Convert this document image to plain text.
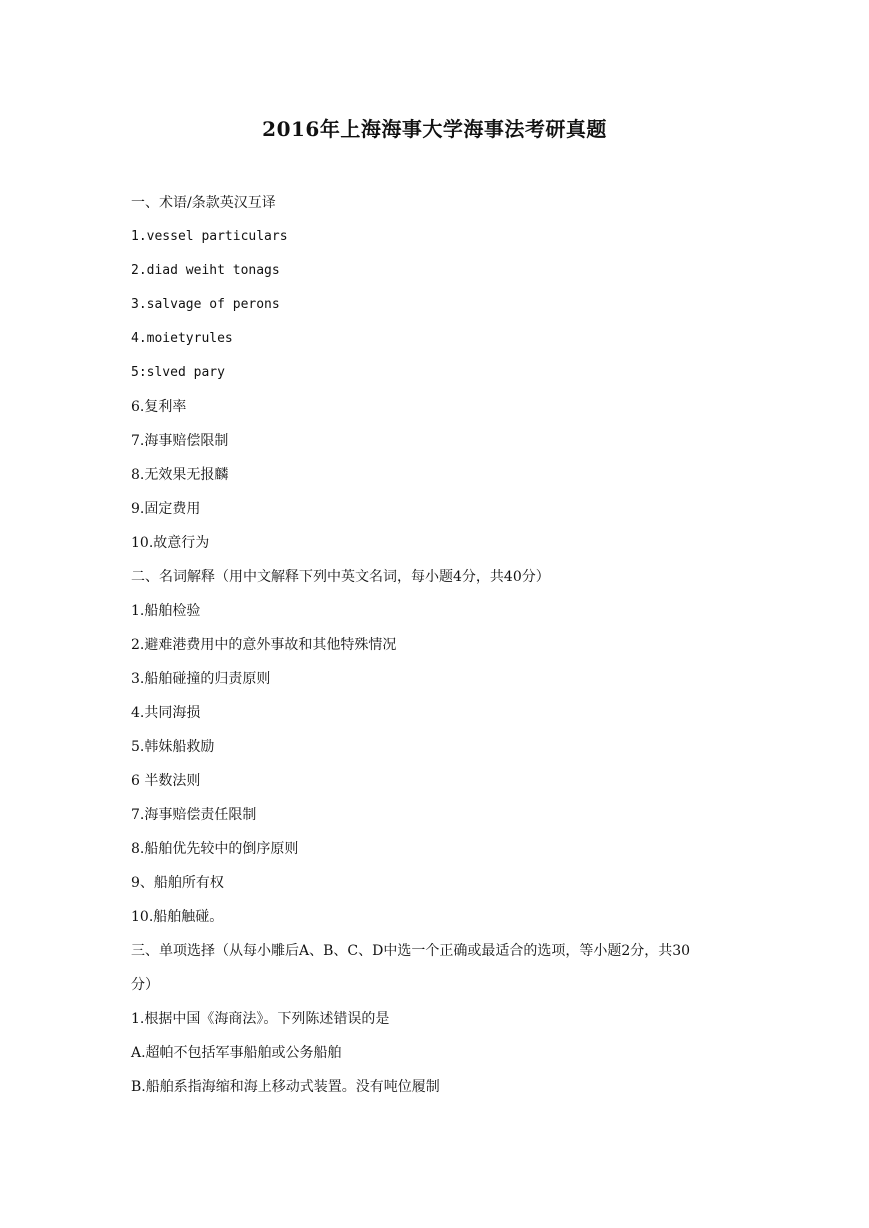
2016年上海海事大学海事法考研真题
一、术语/条款英汉互译
1.vessel particulars
2.diad weiht tonags
3.salvage of perons
4.moietyrules
5:slved pary
6.复利率
7.海事赔偿限制
8.无效果无报麟
9.固定费用
10.故意行为
二、名词解释（用中文解释下列中英文名词，每小题4分，共40分）
1.船舶检验
2.避难港费用中的意外事故和其他特殊情况
3.船舶碰撞的归责原则
4.共同海损
5.韩妹船救励
6 半数法则
7.海事赔偿责任限制
8.船舶优先较中的倒序原则
9、船舶所有权
10.船舶触碰。
三、单项选择（从每小雕后A、B、C、D中选一个正确或最适合的选项，等小题2分，共30
分）
1.根据中国《海商法》。下列陈述错误的是
A.超帕不包括军事船舶或公务船舶
B.船舶系指海缩和海上移动式装置。没有吨位履制
